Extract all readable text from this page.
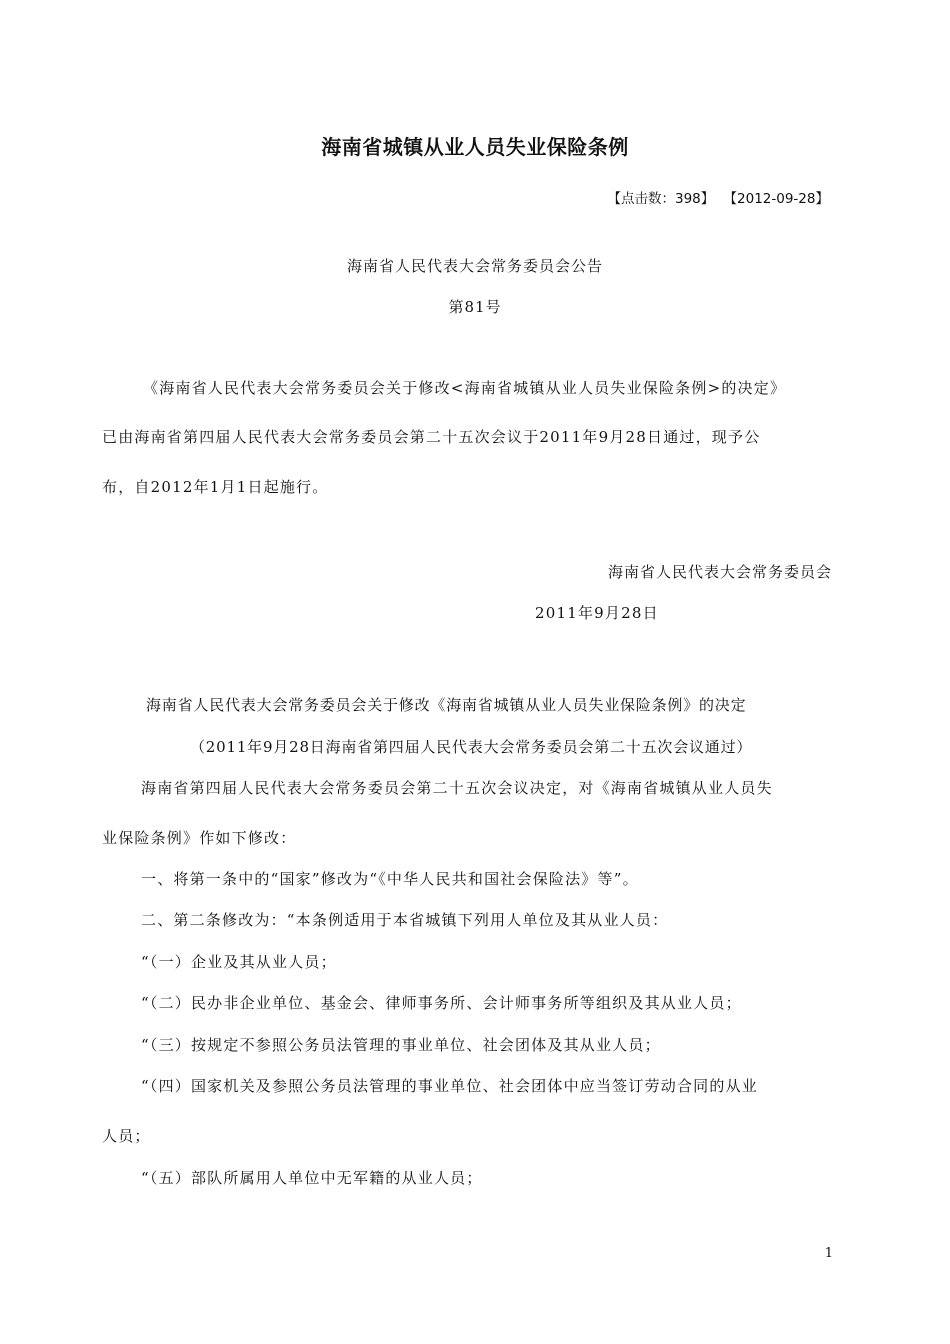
海南省城镇从业人员失业保险条例
【点击数：398】 【2012-09-28】
海南省人民代表大会常务委员会公告
第81号
《海南省人民代表大会常务委员会关于修改<海南省城镇从业人员失业保险条例>的决定》
已由海南省第四届人民代表大会常务委员会第二十五次会议于2011年9月28日通过，现予公
布，自2012年1月1日起施行。
海南省人民代表大会常务委员会
2011年9月28日
海南省人民代表大会常务委员会关于修改《海南省城镇从业人员失业保险条例》的决定
（2011年9月28日海南省第四届人民代表大会常务委员会第二十五次会议通过）
海南省第四届人民代表大会常务委员会第二十五次会议决定，对《海南省城镇从业人员失
业保险条例》作如下修改：
一、将第一条中的“国家”修改为“《中华人民共和国社会保险法》等”。
二、第二条修改为：“本条例适用于本省城镇下列用人单位及其从业人员：
“（一）企业及其从业人员；
“（二）民办非企业单位、基金会、律师事务所、会计师事务所等组织及其从业人员；
“（三）按规定不参照公务员法管理的事业单位、社会团体及其从业人员；
“（四）国家机关及参照公务员法管理的事业单位、社会团体中应当签订劳动合同的从业
人员；
“（五）部队所属用人单位中无军籍的从业人员；
1
